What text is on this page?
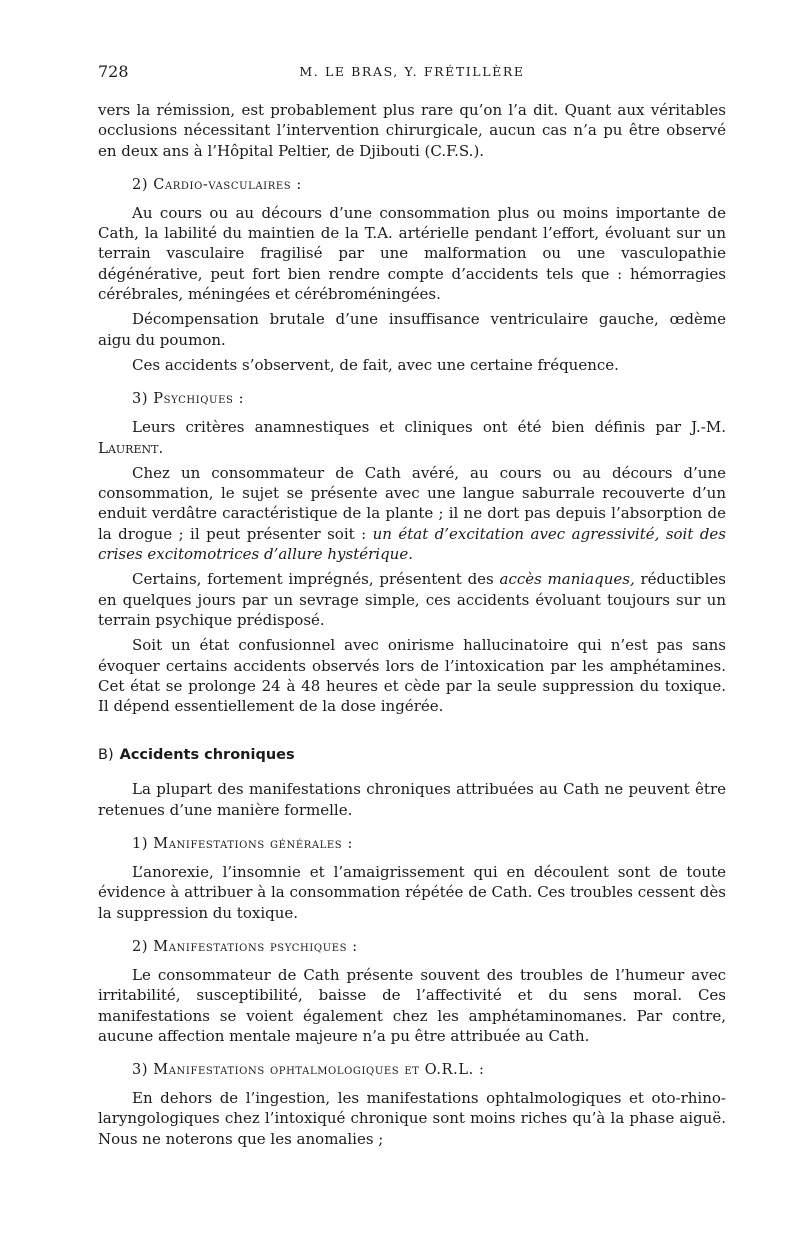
728	M. LE BRAS, Y. FRÉTILLÈRE

vers la rémission, est probablement plus rare qu’on l’a dit. Quant aux véritables occlusions nécessitant l’intervention chirurgicale, aucun cas n’a pu être observé en deux ans à l’Hôpital Peltier, de Djibouti (C.F.S.).

2) Cardio-vasculaires :

Au cours ou au décours d’une consommation plus ou moins importante de Cath, la labilité du maintien de la T.A. artérielle pendant l’effort, évoluant sur un terrain vasculaire fragilisé par une malformation ou une vasculopathie dégénérative, peut fort bien rendre compte d’accidents tels que : hémorragies cérébrales, méningées et cérébroméningées.

Décompensation brutale d’une insuffisance ventriculaire gauche, œdème aigu du poumon.

Ces accidents s’observent, de fait, avec une certaine fréquence.

3) Psychiques :

Leurs critères anamnestiques et cliniques ont été bien définis par J.-M. Laurent.

Chez un consommateur de Cath avéré, au cours ou au décours d’une consommation, le sujet se présente avec une langue saburrale recouverte d’un enduit verdâtre caractéristique de la plante ; il ne dort pas depuis l’absorption de la drogue ; il peut présenter soit : un état d’excitation avec agressivité, soit des crises excitomotrices d’allure hystérique.

Certains, fortement imprégnés, présentent des accès maniaques, réductibles en quelques jours par un sevrage simple, ces accidents évoluant toujours sur un terrain psychique prédisposé.

Soit un état confusionnel avec onirisme hallucinatoire qui n’est pas sans évoquer certains accidents observés lors de l’intoxication par les amphétamines. Cet état se prolonge 24 à 48 heures et cède par la seule suppression du toxique. Il dépend essentiellement de la dose ingérée.

B) Accidents chroniques

La plupart des manifestations chroniques attribuées au Cath ne peuvent être retenues d’une manière formelle.

1) Manifestations générales :

L’anorexie, l’insomnie et l’amaigrissement qui en découlent sont de toute évidence à attribuer à la consommation répétée de Cath. Ces troubles cessent dès la suppression du toxique.

2) Manifestations psychiques :

Le consommateur de Cath présente souvent des troubles de l’humeur avec irritabilité, susceptibilité, baisse de l’affectivité et du sens moral. Ces manifestations se voient également chez les amphétaminomanes. Par contre, aucune affection mentale majeure n’a pu être attribuée au Cath.

3) Manifestations ophtalmologiques et O.R.L. :

En dehors de l’ingestion, les manifestations ophtalmologiques et oto-rhino-laryngologiques chez l’intoxiqué chronique sont moins riches qu’à la phase aiguë. Nous ne noterons que les anomalies ;
